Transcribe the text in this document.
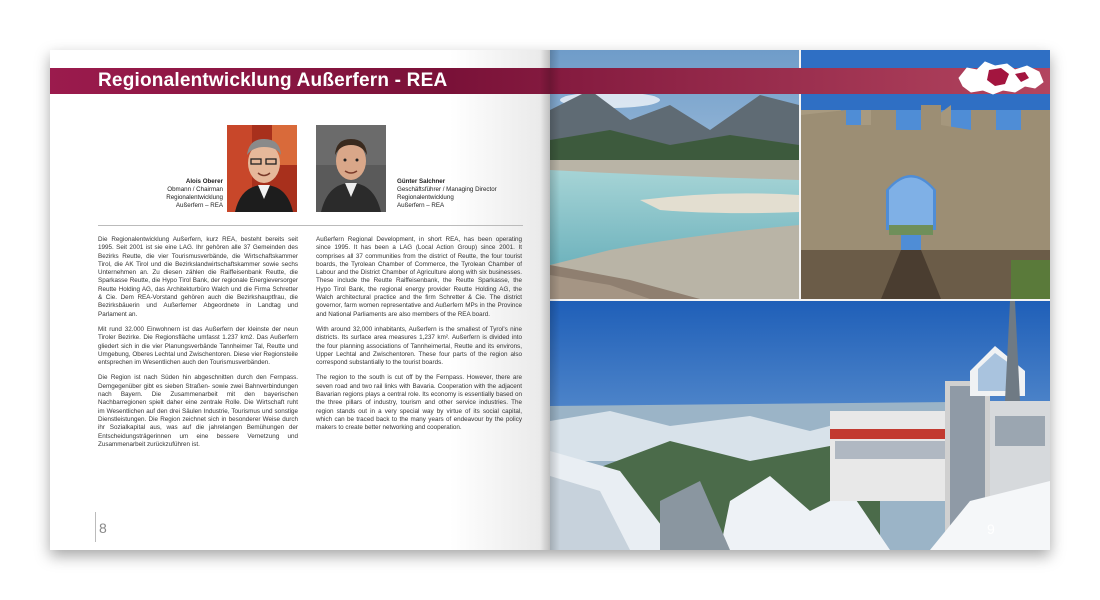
Alois Oberer
Obmann / Chairman
Regionalentwicklung
Außerfern – REA
Günter Salchner
Geschäftsführer / Managing Director
Regionalentwicklung
Außerfern – REA

Die Regionalentwicklung Außerfern, kurz REA, besteht bereits seit 1995. Seit 2001 ist sie eine LAG. Ihr gehören alle 37 Gemeinden des Bezirks Reutte, die vier Tourismusverbände, die Wirtschaftskammer Tirol, die AK Tirol und die Bezirkslandwirtschaftskammer sowie sechs Unternehmen an. Zu diesen zählen die Raiffeisenbank Reutte, die Sparkasse Reutte, die Hypo Tirol Bank, der regionale Energieversorger Reutte Holding AG, das Architekturbüro Walch und die Firma Schretter & Cie. Dem REA-Vorstand gehören auch die Bezirkshauptfrau, die Bezirksbäuerin und Außerferner Abgeordnete in Landtag und Parlament an.

Mit rund 32.000 Einwohnern ist das Außerfern der kleinste der neun Tiroler Bezirke. Die Regionsfläche umfasst 1.237 km2. Das Außerfern gliedert sich in die vier Planungsverbände Tannheimer Tal, Reutte und Umgebung, Oberes Lechtal und Zwischentoren. Diese vier Regionsteile entsprechen im Wesentlichen auch den Tourismusverbänden.

Die Region ist nach Süden hin abgeschnitten durch den Fernpass. Demgegenüber gibt es sieben Straßen- sowie zwei Bahnverbindungen nach Bayern. Die Zusammenarbeit mit den bayerischen Nachbarregionen spielt daher eine zentrale Rolle. Die Wirtschaft ruht im Wesentlichen auf den drei Säulen Industrie, Tourismus und sonstige Dienstleistungen. Die Region zeichnet sich in besonderer Weise durch ihr Sozialkapital aus, was auf die jahrelangen Bemühungen der Entscheidungsträgerinnen um eine bessere Vernetzung und Zusammenarbeit zurückzuführen ist.

Außerfern Regional Development, in short REA, has been operating since 1995. It has been a LAG (Local Action Group) since 2001. It comprises all 37 communities from the district of Reutte, the four tourist boards, the Tyrolean Chamber of Commerce, the Tyrolean Chamber of Labour and the District Chamber of Agriculture along with six businesses. These include the Reutte Raiffeisenbank, the Reutte Sparkasse, the Hypo Tirol Bank, the regional energy provider Reutte Holding AG, the Walch architectural practice and the firm Schretter & Cie. The district governor, farm women representative and Außerfern MPs in the Province and National Parliaments are also members of the REA board.

With around 32,000 inhabitants, Außerfern is the smallest of Tyrol's nine districts. Its surface area measures 1,237 km². Außerfern is divided into the four planning associations of Tannheimertal, Reutte and its environs, Upper Lechtal and Zwischentoren. These four parts of the region also correspond substantially to the tourist boards.

The region to the south is cut off by the Fernpass. However, there are seven road and two rail links with Bavaria. Cooperation with the adjacent Bavarian regions plays a central role. Its economy is essentially based on the three pillars of industry, tourism and other service industries. The region stands out in a very special way by virtue of its social capital, which can be traced back to the many years of endeavour by the policy makers to create better networking and cooperation.

8	9
Regionalentwicklung Außerfern - REA
